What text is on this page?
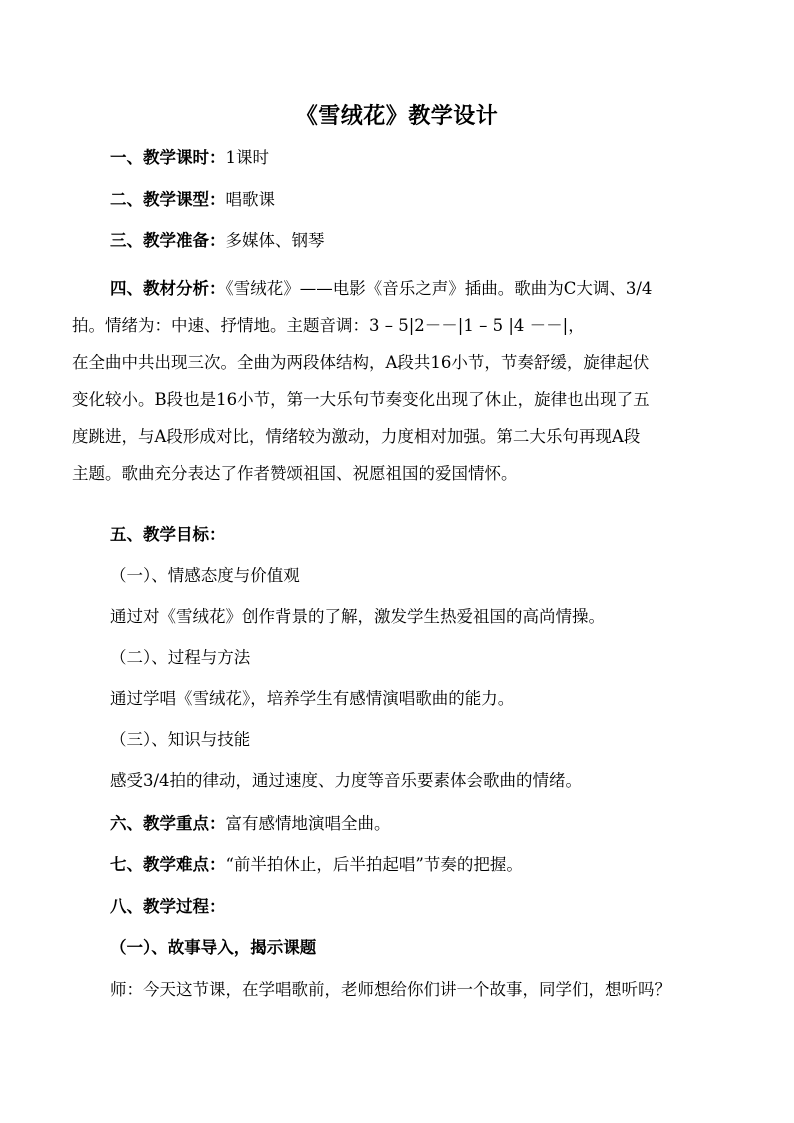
《雪绒花》教学设计
一、教学课时：1课时
二、教学课型：唱歌课
三、教学准备：多媒体、钢琴
四、教材分析：《雪绒花》——电影《音乐之声》插曲。歌曲为C大调、3/4
拍。情绪为：中速、抒情地。主题音调：3 – 5|2－－|1 – 5 |4 －－|，
在全曲中共出现三次。全曲为两段体结构，A段共16小节，节奏舒缓，旋律起伏
变化较小。B段也是16小节，第一大乐句节奏变化出现了休止，旋律也出现了五
度跳进，与A段形成对比，情绪较为激动，力度相对加强。第二大乐句再现A段
主题。歌曲充分表达了作者赞颂祖国、祝愿祖国的爱国情怀。
五、教学目标：
（一）、情感态度与价值观
通过对《雪绒花》创作背景的了解，激发学生热爱祖国的高尚情操。
（二）、过程与方法
通过学唱《雪绒花》，培养学生有感情演唱歌曲的能力。
（三）、知识与技能
感受3/4拍的律动，通过速度、力度等音乐要素体会歌曲的情绪。
六、教学重点：富有感情地演唱全曲。
七、教学难点：“前半拍休止，后半拍起唱”节奏的把握。
八、教学过程：
（一）、故事导入，揭示课题
师：今天这节课，在学唱歌前，老师想给你们讲一个故事，同学们，想听吗？
